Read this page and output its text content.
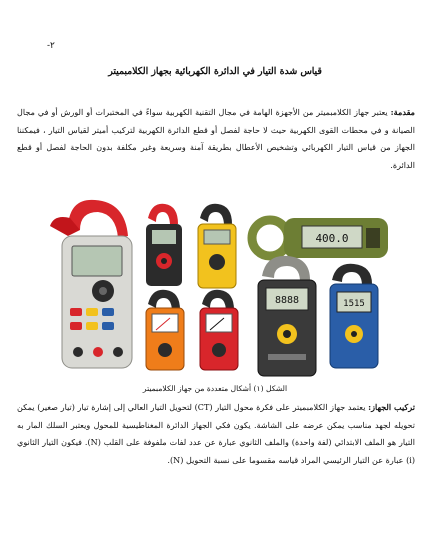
-٢
قياس شدة التيار في الدائرة الكهربائية بجهاز الكلامبميتر
مقدمة: يعتبر جهاز الكلامبميتر من الأجهزة الهامة في مجال التقنية الكهربية سواءً في المختبرات أو الورش أو في مجال الصيانة و في محطات القوى الكهربية حيث لا حاجة لفصل أو قطع الدائرة الكهربية لتركيب أميتر لقياس التيار ، فيمكننا الجهاز من قياس التيار الكهربائي وتشخيص الأعطال بطريقة آمنة وسريعة وغير مكلفة بدون الحاجة لفصل أو قطع الدائرة.
400.0
8888	1515
الشكل (١) أشكال متعددة من جهاز الكلامبميتر
تركيب الجهاز: يعتمد جهاز الكلامبميتر على فكرة محول التيار (CT) لتحويل التيار العالي إلى إشارة تيار (تيار صغير) يمكن تحويله لجهد مناسب يمكن عرضه على الشاشة. يكون فكي الجهاز الدائرة المغناطيسية للمحول ويعتبر السلك المار به التيار هو الملف الابتدائي (لفة واحدة) والملف الثانوي عبارة عن عدد لفات ملفوفة على القلب (N). فيكون التيار الثانوي (i) عبارة عن التيار الرئيسي المراد قياسه مقسوما على نسبة التحويل (N).
